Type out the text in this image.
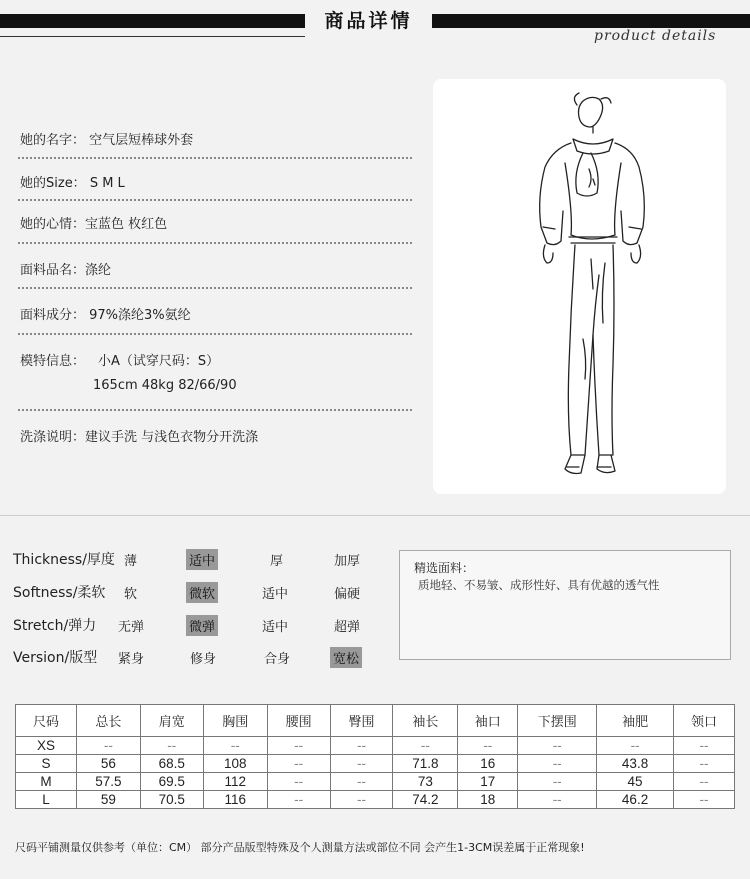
商品详情
product details
她的名字： 空气层短棒球外套
她的Size： S M L
她的心情：宝蓝色 枚红色
面料品名：涤纶
面料成分： 97%涤纶3%氨纶
模特信息： 小A（试穿尺码：S）
165cm 48kg 82/66/90
洗涤说明：建议手洗 与浅色衣物分开洗涤
Thickness/厚度 薄	适中	厚	加厚
Softness/柔软 软	微软	适中	偏硬
Stretch/弹力 无弹	微弹	适中	超弹
Version/版型 紧身	修身	合身	宽松
精选面料：
质地轻、不易皱、成形性好、具有优越的透气性
尺码	总长	肩宽	胸围	腰围	臀围	袖长	袖口	下摆围	袖肥	领口
XS	--	--	--	--	--	--	--	--	--	--
S	56	68.5	108	--	--	71.8	16	--	43.8	--
M	57.5	69.5	112	--	--	73	17	--	45	--
L	59	70.5	116	--	--	74.2	18	--	46.2	--
尺码平铺测量仅供参考（单位：CM） 部分产品版型特殊及个人测量方法或部位不同 会产生1-3CM误差属于正常现象!
